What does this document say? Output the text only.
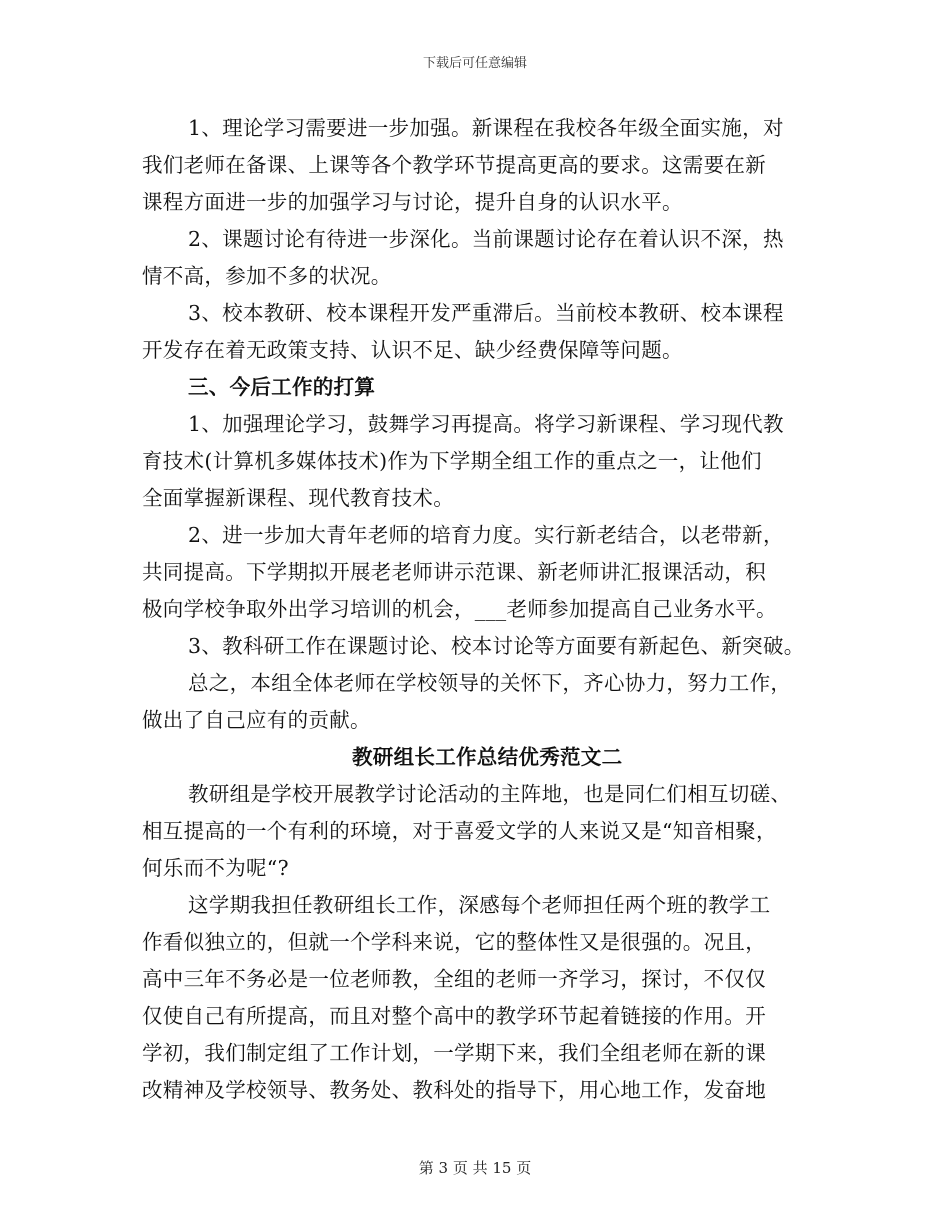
下载后可任意编辑
1、理论学习需要进一步加强。新课程在我校各年级全面实施，对
我们老师在备课、上课等各个教学环节提高更高的要求。这需要在新
课程方面进一步的加强学习与讨论，提升自身的认识水平。
2、课题讨论有待进一步深化。当前课题讨论存在着认识不深，热
情不高，参加不多的状况。
3、校本教研、校本课程开发严重滞后。当前校本教研、校本课程
开发存在着无政策支持、认识不足、缺少经费保障等问题。
三、今后工作的打算
1、加强理论学习，鼓舞学习再提高。将学习新课程、学习现代教
育技术(计算机多媒体技术)作为下学期全组工作的重点之一，让他们
全面掌握新课程、现代教育技术。
2、进一步加大青年老师的培育力度。实行新老结合，以老带新，
共同提高。下学期拟开展老老师讲示范课、新老师讲汇报课活动，积
极向学校争取外出学习培训的机会，___老师参加提高自己业务水平。
3、教科研工作在课题讨论、校本讨论等方面要有新起色、新突破。
总之，本组全体老师在学校领导的关怀下，齐心协力，努力工作，
做出了自己应有的贡献。
教研组长工作总结优秀范文二
教研组是学校开展教学讨论活动的主阵地，也是同仁们相互切磋、
相互提高的一个有利的环境，对于喜爱文学的人来说又是“知音相聚，
何乐而不为呢“?
这学期我担任教研组长工作，深感每个老师担任两个班的教学工
作看似独立的，但就一个学科来说，它的整体性又是很强的。况且，
高中三年不务必是一位老师教，全组的老师一齐学习，探讨，不仅仅
仅使自己有所提高，而且对整个高中的教学环节起着链接的作用。开
学初，我们制定组了工作计划，一学期下来，我们全组老师在新的课
改精神及学校领导、教务处、教科处的指导下，用心地工作，发奋地
第 3 页 共 15 页
